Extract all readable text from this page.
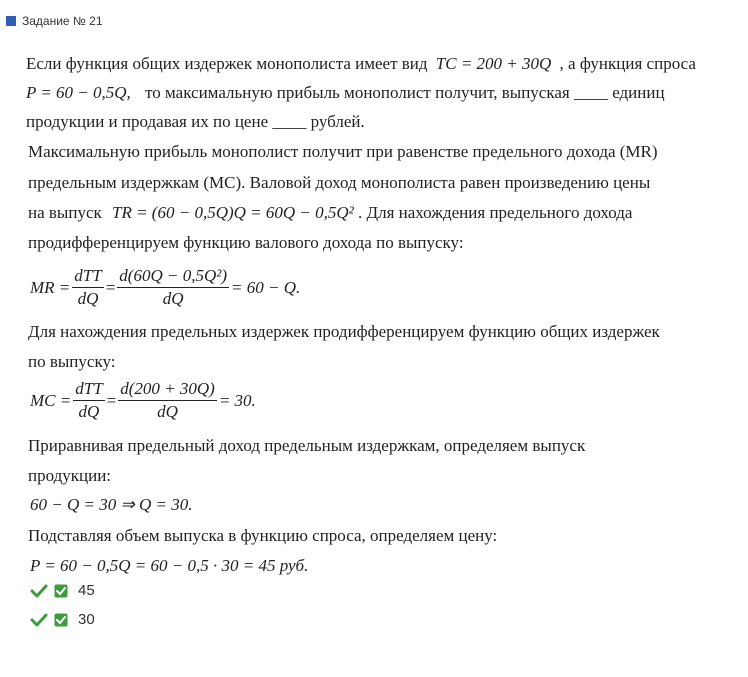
Задание № 21
Если функция общих издержек монополиста имеет вид TC = 200 + 30Q , а функция спроса
P = 60 − 0,5Q, то максимальную прибыль монополист получит, выпуская ____ единиц
продукции и продавая их по цене ____ рублей.
Максимальную прибыль монополист получит при равенстве предельного дохода (MR)
предельным издержкам (MC). Валовой доход монополиста равен произведению цены
на выпуск TR = (60 − 0,5Q)Q = 60Q − 0,5Q² . Для нахождения предельного дохода
продифференцируем функцию валового дохода по выпуску:
MR = $\frac{\text{dTT}}{dQ} = \frac{\text{d(60Q − 0,5Q²)}}{dQ} = 60 - Q$.
Для нахождения предельных издержек продифференцируем функцию общих издержек
по выпуску:
MC = $\frac{\text{dTT}}{dQ} = \frac{d(200 + 30Q)}{dQ} = 30$.
Приравнивая предельный доход предельным издержкам, определяем выпуск
продукции:
60 − Q = 30 ⇒ Q = 30.
Подставляя объем выпуска в функцию спроса, определяем цену:
P = 60 − 0,5Q = 60 − 0,5 · 30 = 45 руб.
45
30
